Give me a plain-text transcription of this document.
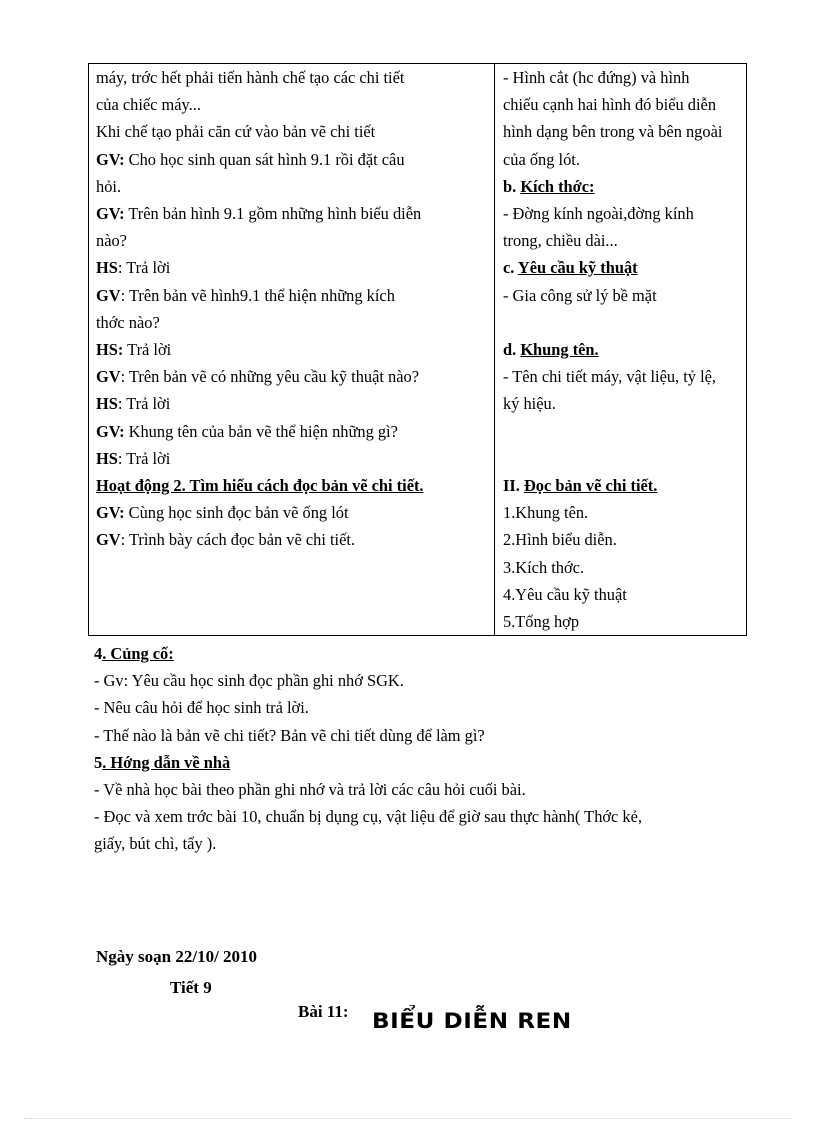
máy, trớc hết phải tiến hành chế tạo các chi tiết
của chiếc máy...
Khi chế tạo phải căn cứ vào bản vẽ chi tiết
GV: Cho học sinh quan sát hình 9.1 rồi đặt câu
hỏi.
GV: Trên bản hình 9.1 gồm những hình biểu diễn
nào?
HS: Trả lời
GV: Trên bản vẽ hình9.1 thể hiện những kích
thớc nào?
HS: Trả lời
GV: Trên bản vẽ có những yêu cầu kỹ thuật nào?
HS: Trả lời
GV: Khung tên của bản vẽ thể hiện những gì?
HS: Trả lời
Hoạt động 2. Tìm hiểu cách đọc bản vẽ chi tiết.
GV: Cùng học sinh đọc bản vẽ ống lót
GV: Trình bày cách đọc bản vẽ chi tiết.

- Hình cắt (hc đứng) và hình
chiếu cạnh hai hình đó biểu diễn
hình dạng bên trong và bên ngoài
của ống lót.
b. Kích thớc:
- Đờng kính ngoài,đờng kính
trong, chiều dài...
c. Yêu cầu kỹ thuật
- Gia công sử lý bề mặt

d. Khung tên.
- Tên chi tiết máy, vật liệu, tỷ lệ,
ký hiệu.

II. Đọc bản vẽ chi tiết.
1.Khung tên.
2.Hình biểu diễn.
3.Kích thớc.
4.Yêu cầu kỹ thuật
5.Tổng hợp
4. Củng cố:
- Gv: Yêu cầu học sinh đọc phần ghi nhớ SGK.
- Nêu câu hỏi để học sinh trả lời.
- Thế nào là bản vẽ chi tiết? Bản vẽ chi tiết dùng để làm gì?
5. Hớng dẫn về nhà
- Về nhà học bài theo phần ghi nhớ và trả lời các câu hỏi cuối bài.
- Đọc và xem trớc bài 10, chuẩn bị dụng cụ, vật liệu để giờ sau thực hành( Thớc kẻ,
giấy, bút chì, tẩy ).
Ngày soạn 22/10/ 2010
Tiết 9
Bài 11: BIỂU DIỄN REN
